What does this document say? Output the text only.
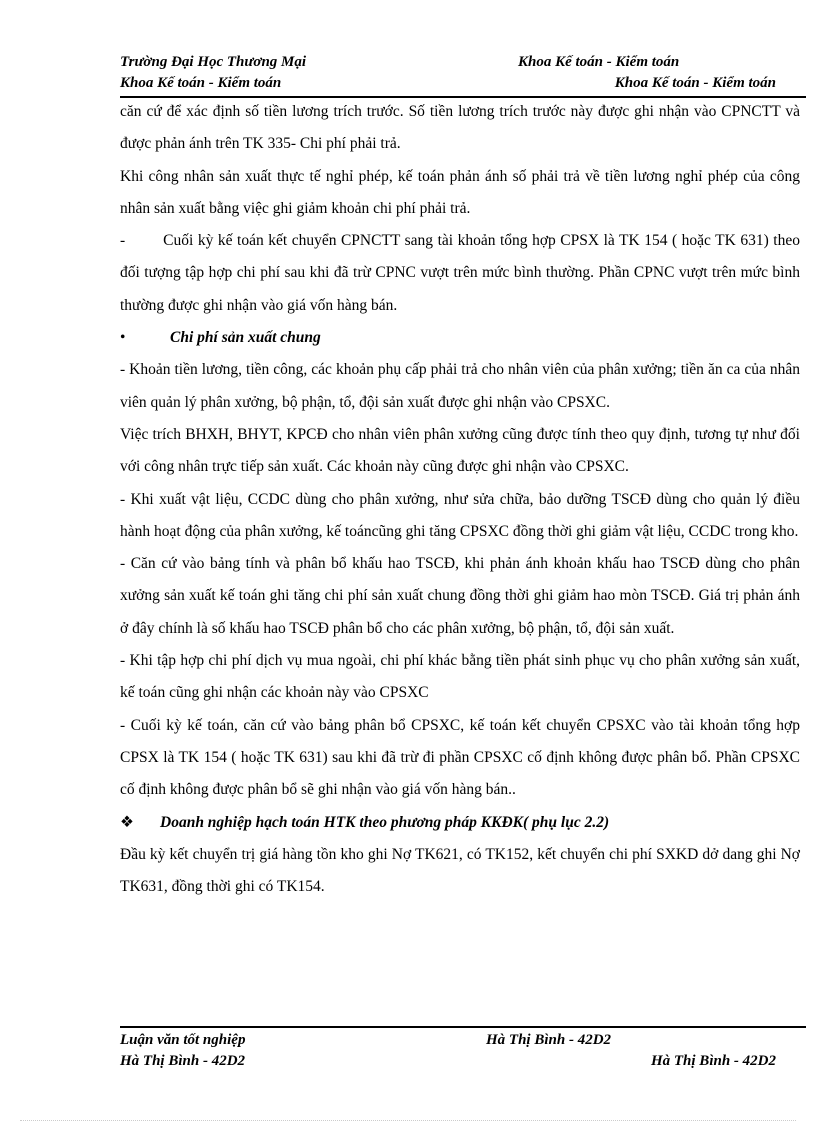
Trường Đại Học Thương Mại	Khoa Kế toán - Kiểm toán
Khoa Kế toán - Kiểm toán	Khoa Kế toán - Kiểm toán

căn cứ để xác định số tiền lương trích trước. Số tiền lương trích trước này được ghi nhận vào CPNCTT và được phản ánh trên TK 335- Chi phí phải trả.

Khi công nhân sản xuất thực tế nghỉ phép, kế toán phản ánh số phải trả về tiền lương nghỉ phép của công nhân sản xuất bằng việc ghi giảm khoản chi phí phải trả.

- Cuối kỳ kế toán kết chuyển CPNCTT sang tài khoản tổng hợp CPSX là TK 154 ( hoặc TK 631) theo đối tượng tập hợp chi phí sau khi đã trừ CPNC vượt trên mức bình thường. Phần CPNC vượt trên mức bình thường được ghi nhận vào giá vốn hàng bán.

•	Chi phí sản xuất chung

- Khoản tiền lương, tiền công, các khoản phụ cấp phải trả cho nhân viên của phân xưởng; tiền ăn ca của nhân viên quản lý phân xưởng, bộ phận, tổ, đội sản xuất được ghi nhận vào CPSXC.

Việc trích BHXH, BHYT, KPCĐ cho nhân viên phân xưởng cũng được tính theo quy định, tương tự như đối với công nhân trực tiếp sản xuất. Các khoản này cũng được ghi nhận vào CPSXC.

- Khi xuất vật liệu, CCDC dùng cho phân xưởng, như sửa chữa, bảo dưỡng TSCĐ dùng cho quản lý điều hành hoạt động của phân xưởng, kế toáncũng ghi tăng CPSXC đồng thời ghi giảm vật liệu, CCDC trong kho.

- Căn cứ vào bảng tính và phân bổ khấu hao TSCĐ, khi phản ánh khoản khấu hao TSCĐ dùng cho phân xưởng sản xuất kế toán ghi tăng chi phí sản xuất chung đồng thời ghi giảm hao mòn TSCĐ. Giá trị phản ánh ở đây chính là số khấu hao TSCĐ phân bổ cho các phân xưởng, bộ phận, tổ, đội sản xuất.

- Khi tập hợp chi phí dịch vụ mua ngoài, chi phí khác bằng tiền phát sinh phục vụ cho phân xưởng sản xuất, kế toán cũng ghi nhận các khoản này vào CPSXC

- Cuối kỳ kế toán, căn cứ vào bảng phân bổ CPSXC, kế toán kết chuyển CPSXC vào tài khoản tổng hợp CPSX là TK 154 ( hoặc TK 631) sau khi đã trừ đi phần CPSXC cố định không được phân bổ. Phần CPSXC cố định không được phân bổ sẽ ghi nhận vào giá vốn hàng bán..

❖ Doanh nghiệp hạch toán HTK theo phương pháp KKĐK( phụ lục 2.2)

Đầu kỳ kết chuyển trị giá hàng tồn kho ghi Nợ TK621, có TK152, kết chuyển chi phí SXKD dở dang ghi Nợ TK631, đồng thời ghi có TK154.

Luận văn tốt nghiệp	Hà Thị Bình - 42D2
Hà Thị Bình - 42D2	Hà Thị Bình - 42D2
